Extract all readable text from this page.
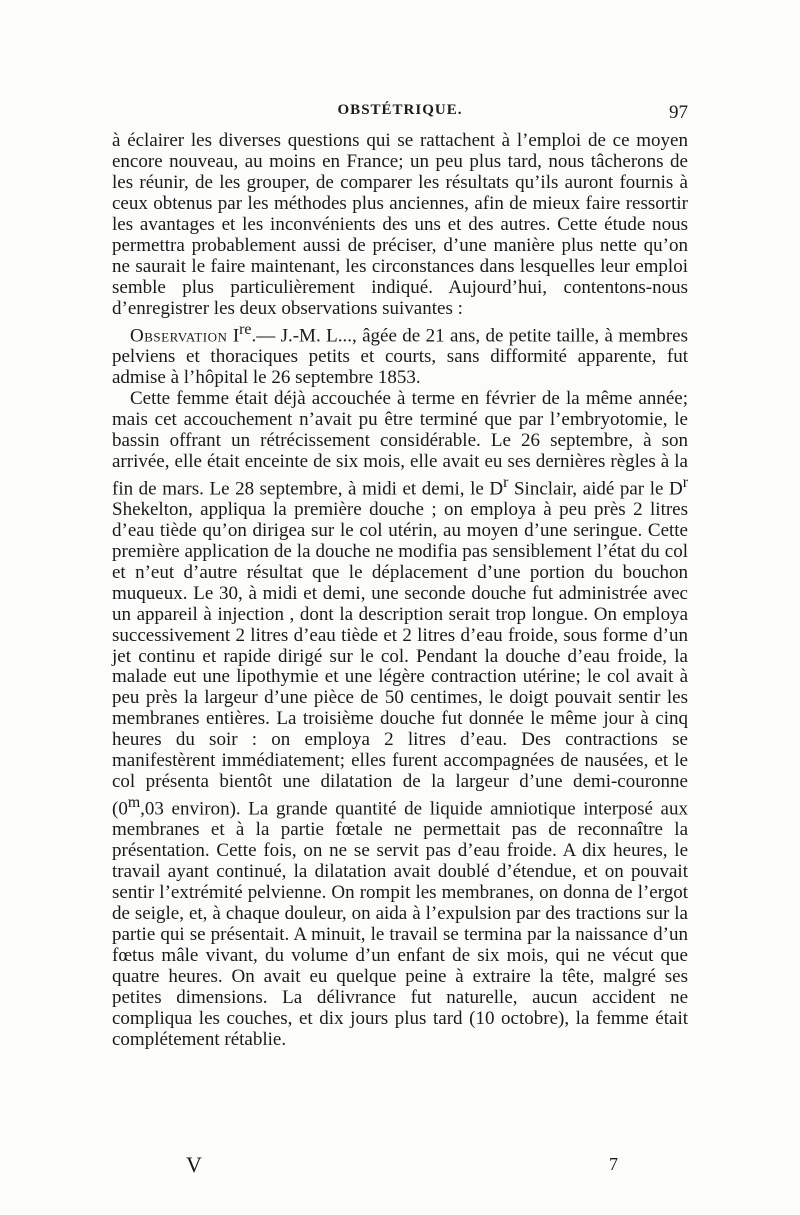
OBSTÉTRIQUE.	97

à éclairer les diverses questions qui se rattachent à l’emploi de ce moyen encore nouveau, au moins en France; un peu plus tard, nous tâcherons de les réunir, de les grouper, de comparer les résultats qu’ils auront fournis à ceux obtenus par les méthodes plus anciennes, afin de mieux faire ressortir les avantages et les inconvénients des uns et des autres. Cette étude nous permettra probablement aussi de préciser, d’une manière plus nette qu’on ne saurait le faire maintenant, les circonstances dans lesquelles leur emploi semble plus particulièrement indiqué. Aujourd’hui, contentons-nous d’enregistrer les deux observations suivantes :

Observation Ire.— J.-M. L..., âgée de 21 ans, de petite taille, à membres pelviens et thoraciques petits et courts, sans difformité apparente, fut admise à l’hôpital le 26 septembre 1853.

Cette femme était déjà accouchée à terme en février de la même année; mais cet accouchement n’avait pu être terminé que par l’embryotomie, le bassin offrant un rétrécissement considérable. Le 26 septembre, à son arrivée, elle était enceinte de six mois, elle avait eu ses dernières règles à la fin de mars. Le 28 septembre, à midi et demi, le $D^r$ Sinclair, aidé par le $D^r$ Shekelton, appliqua la première douche ; on employa à peu près 2 litres d’eau tiède qu’on dirigea sur le col utérin, au moyen d’une seringue. Cette première application de la douche ne modifia pas sensiblement l’état du col et n’eut d’autre résultat que le déplacement d’une portion du bouchon muqueux. Le 30, à midi et demi, une seconde douche fut administrée avec un appareil à injection , dont la description serait trop longue. On employa successivement 2 litres d’eau tiède et 2 litres d’eau froide, sous forme d’un jet continu et rapide dirigé sur le col. Pendant la douche d’eau froide, la malade eut une lipothymie et une légère contraction utérine; le col avait à peu près la largeur d’une pièce de 50 centimes, le doigt pouvait sentir les membranes entières. La troisième douche fut donnée le même jour à cinq heures du soir : on employa 2 litres d’eau. Des contractions se manifestèrent immédiatement; elles furent accompagnées de nausées, et le col présenta bientôt une dilatation de la largeur d’une demi-couronne (0$^m$,03 environ). La grande quantité de liquide amniotique interposé aux membranes et à la partie fœtale ne permettait pas de reconnaître la présentation. Cette fois, on ne se servit pas d’eau froide. A dix heures, le travail ayant continué, la dilatation avait doublé d’étendue, et on pouvait sentir l’extrémité pelvienne. On rompit les membranes, on donna de l’ergot de seigle, et, à chaque douleur, on aida à l’expulsion par des tractions sur la partie qui se présentait. A minuit, le travail se termina par la naissance d’un fœtus mâle vivant, du volume d’un enfant de six mois, qui ne vécut que quatre heures. On avait eu quelque peine à extraire la tête, malgré ses petites dimensions. La délivrance fut naturelle, aucun accident ne compliqua les couches, et dix jours plus tard (10 octobre), la femme était complétement rétablie.

V	7
